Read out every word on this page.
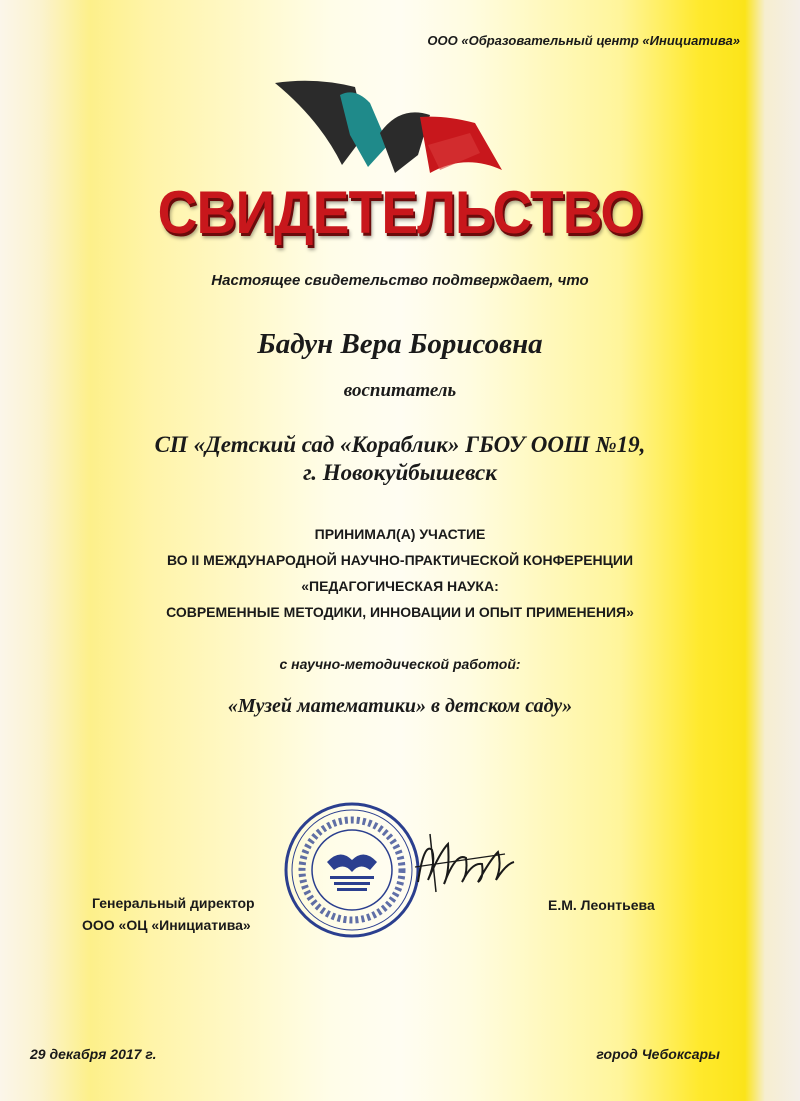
ООО «Образовательный центр «Инициатива»
СВИДЕТЕЛЬСТВО
Настоящее свидетельство подтверждает, что
Бадун Вера Борисовна
воспитатель
СП «Детский сад «Кораблик» ГБОУ ООШ №19,
г. Новокуйбышевск
ПРИНИМАЛ(А) УЧАСТИЕ
ВО II МЕЖДУНАРОДНОЙ НАУЧНО-ПРАКТИЧЕСКОЙ КОНФЕРЕНЦИИ
«ПЕДАГОГИЧЕСКАЯ НАУКА:
СОВРЕМЕННЫЕ МЕТОДИКИ, ИННОВАЦИИ И ОПЫТ ПРИМЕНЕНИЯ»
с научно-методической работой:
«Музей математики» в детском саду»
Генеральный директор
ООО «ОЦ «Инициатива»
Е.М. Леонтьева
29 декабря 2017 г.	город Чебоксары
